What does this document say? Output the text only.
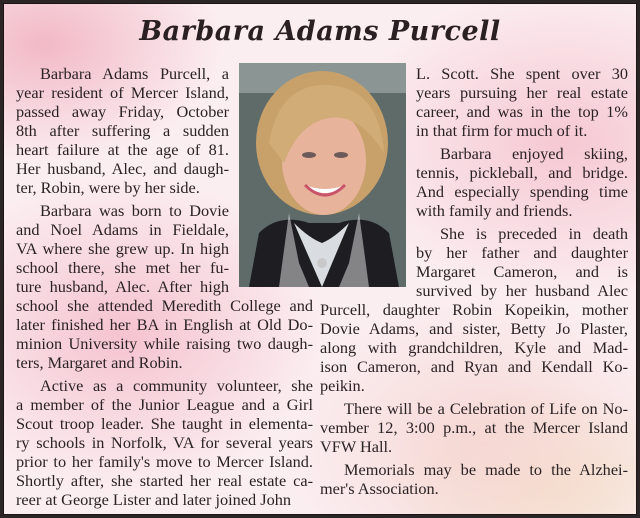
Barbara Adams Purcell
Barbara Adams Purcell, a
year resident of Mercer Island,
passed away Friday, October
8th after suffering a sudden
heart failure at the age of 81.
Her husband, Alec, and daugh-
ter, Robin, were by her side.
Barbara was born to Dovie
and Noel Adams in Fieldale,
VA where she grew up. In high
school there, she met her fu-
ture husband, Alec. After high
school she attended Meredith College and
later finished her BA in English at Old Do-
minion University while raising two daugh-
ters, Margaret and Robin.
Active as a community volunteer, she
a member of the Junior League and a Girl
Scout troop leader. She taught in elementa-
ry schools in Norfolk, VA for several years
prior to her family's move to Mercer Island.
Shortly after, she started her real estate ca-
reer at George Lister and later joined John
L. Scott. She spent over 30
years pursuing her real estate
career, and was in the top 1%
in that firm for much of it.
Barbara enjoyed skiing,
tennis, pickleball, and bridge.
And especially spending time
with family and friends.
She is preceded in death
by her father and daughter
Margaret Cameron, and is
survived by her husband Alec
Purcell, daughter Robin Kopeikin, mother
Dovie Adams, and sister, Betty Jo Plaster,
along with grandchildren, Kyle and Mad-
ison Cameron, and Ryan and Kendall Ko-
peikin.
There will be a Celebration of Life on No-
vember 12, 3:00 p.m., at the Mercer Island
VFW Hall.
Memorials may be made to the Alzhei-
mer's Association.
